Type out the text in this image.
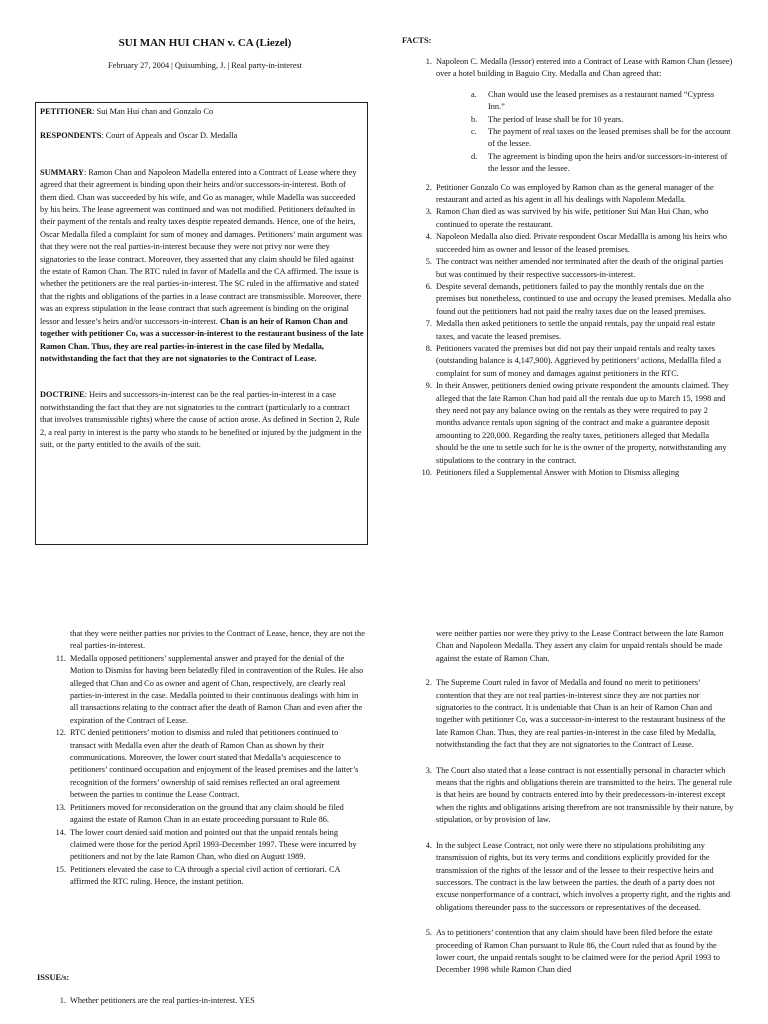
SUI MAN HUI CHAN v. CA (Liezel)
February 27, 2004 | Quisumbing, J. | Real party-in-interest

PETITIONER: Sui Man Hui chan and Gonzalo Co

RESPONDENTS: Court of Appeals and Oscar D. Medalla

SUMMARY: Ramon Chan and Napoleon Madella entered into a Contract of Lease where they agreed that their agreement is binding upon their heirs and/or successors-in-interest. Both of them died. Chan was succeeded by his wife, and Go as manager, while Madella was succeeded by his heirs. The lease agreement was continued and was not modified. Petitioners defaulted in their payment of the rentals and realty taxes despite repeated demands. Hence, one of the heirs, Oscar Medalla filed a complaint for sum of money and damages. Petitioners’ main argument was that they were not the real parties-in-interest because they were not privy nor were they signatories to the lease contract. Moreover, they asserted that any claim should be filed against the estate of Ramon Chan. The RTC ruled in favor of Madella and the CA affirmed. The issue is whether the petitioners are the real parties-in-interest. The SC ruled in the affirmative and stated that the rights and obligations of the parties in a lease contract are transmissible. Moreover, there was an express stipulation in the lease contract that such agreement is binding on the original lessor and lessee’s heirs and/or successors-in-interest. Chan is an heir of Ramon Chan and together with petitioner Co, was a successor-in-interest to the restaurant business of the late Ramon Chan. Thus, they are real parties-in-interest in the case filed by Medalla, notwithstanding the fact that they are not signatories to the Contract of Lease.

DOCTRINE: Heirs and successors-in-interest can be the real parties-in-interest in a case notwithstanding the fact that they are not signatories to the contract (particularly to a contract that involves transmissible rights) where the cause of action arose. As defined in Section 2, Rule 2, a real party in interest is the party who stands to be benefited or injured by the judgment in the suit, or the party entitled to the avails of the suit.

FACTS:
1. Napoleon C. Medalla (lessor) entered into a Contract of Lease with Ramon Chan (lessee) over a hotel building in Baguio City. Medalla and Chan agreed that:
a.	Chan would use the leased premises as a restaurant named “Cypress Inn.”
b.	The period of lease shall be for 10 years.
c.	The payment of real taxes on the leased premises shall be for the account of the lessee.
d.	The agreement is binding upon the heirs and/or successors-in-interest of the lessor and the lessee.
2. Petitioner Gonzalo Co was employed by Ramon chan as the general manager of the restaurant and acted as his agent in all his dealings with Napoleon Medalla.
3. Ramon Chan died as was survived by his wife, petitioner Sui Man Hui Chan, who continued to operate the restaurant.
4. Napoleon Medalla also died. Private respondent Oscar Medallla is among his heirs who succeeded him as owner and lessor of the leased premises.
5. The contract was neither amended nor terminated after the death of the original parties but was continued by their respective successors-in-interest.
6. Despite several demands, petitioners failed to pay the monthly rentals due on the premises but nonetheless, continued to use and occupy the leased premises. Medalla also found out the petitioners had not paid the realty taxes due on the leased premises.
7. Medalla then asked petitioners to settle the unpaid rentals, pay the unpaid real estate taxes, and vacate the leased premises.
8. Petitioners vacated the premises but did not pay their unpaid rentals and realty taxes (outstanding balance is 4,147,900). Aggrieved by petitioners’ actions, Medallla filed a complaint for sum of money and damages against petitioners in the RTC.
9. In their Answer, petitioners denied owing private respondent the amounts claimed. They alleged that the late Ramon Chan had paid all the rentals due up to March 15, 1998 and they need not pay any balance owing on the rentals as they were required to pay 2 months advance rentals upon signing of the contract and make a guarantee deposit amounting to 220,000. Regarding the realty taxes, petitioners alleged that Medalla should be the one to settle such for he is the owner of the property, notwithstanding any stipulations to the contrary in the contract.
10. Petitioners filed a Supplemental Answer with Motion to Dismiss alleging
that they were neither parties nor privies to the Contract of Lease, hence, they are not the real parties-in-interest.
11. Medalla opposed petitioners’ supplemental answer and prayed for the denial of the Motion to Dismiss for having been belatedly filed in contravention of the Rules. He also alleged that Chan and Co as owner and agent of Chan, respectively, are clearly real parties-in-interest in the case. Medalla pointed to their continuous dealings with him in all transactions relating to the contract after the death of Ramon Chan and even after the expiration of the Contract of Lease.
12. RTC denied petitioners’ motion to dismiss and ruled that petitioners continued to transact with Medalla even after the death of Ramon Chan as shown by their communications. Moreover, the lower court stated that Medalla’s acquiescence to petitioners’ continued occupation and enjoyment of the leased premises and the latter’s recognition of the formers’ ownership of said remises reflected an oral agreement between the parties to continue the Lease Contract.
13. Petitioners moved for reconsideration on the ground that any claim should be filed against the estate of Ramon Chan in an estate proceeding pursuant to Rule 86.
14. The lower court denied said motion and pointed out that the unpaid rentals being claimed were those for the period April 1993-December 1997. These were incurred by petitioners and not by the late Ramon Chan, who died on August 1989.
15. Petitioners elevated the case to CA through a special civil action of certiorari. CA affirmed the RTC ruling. Hence, the instant petition.
ISSUE/s:
1. Whether petitioners are the real parties-in-interest. YES
were neither parties nor were they privy to the Lease Contract between the late Ramon Chan and Napoleon Medalla. They assert any claim for unpaid rentals should be made against the estate of Ramon Chan.
2. The Supreme Court ruled in favor of Medalla and found no merit to petitioners’ contention that they are not real parties-in-interest since they are not parties nor signatories to the contract. It is undeniable that Chan is an heir of Ramon Chan and together with petitioner Co, was a successor-in-interest to the restaurant business of the late Ramon Chan. Thus, they are real parties-in-interest in the case filed by Medalla, notwithstanding the fact that they are not signatories to the Contract of Lease.
3. The Court also stated that a lease contract is not essentially personal in character which means that the rights and obligations therein are transmitted to the heirs. The general rule is that heirs are bound by contracts entered into by their predecessors-in-interest except when the rights and obligations arising therefrom are not transmissible by their nature, by stipulation, or by provision of law.
4. In the subject Lease Contract, not only were there no stipulations prohibiting any transmission of rights, but its very terms and conditions explicitly provided for the transmission of the rights of the lessor and of the lessee to their respective heirs and successors. The contract is the law between the parties. the death of a party does not excuse nonperformance of a contract, which involves a property right, and the rights and obligations thereunder pass to the successors or representatives of the deceased.
5. As to petitioners’ contention that any claim should have been filed before the estate proceeding of Ramon Chan pursuant to Rule 86, the Court ruled that as found by the lower court, the unpaid rentals sought to be claimed were for the period April 1993 to December 1998 while Ramon Chan died
